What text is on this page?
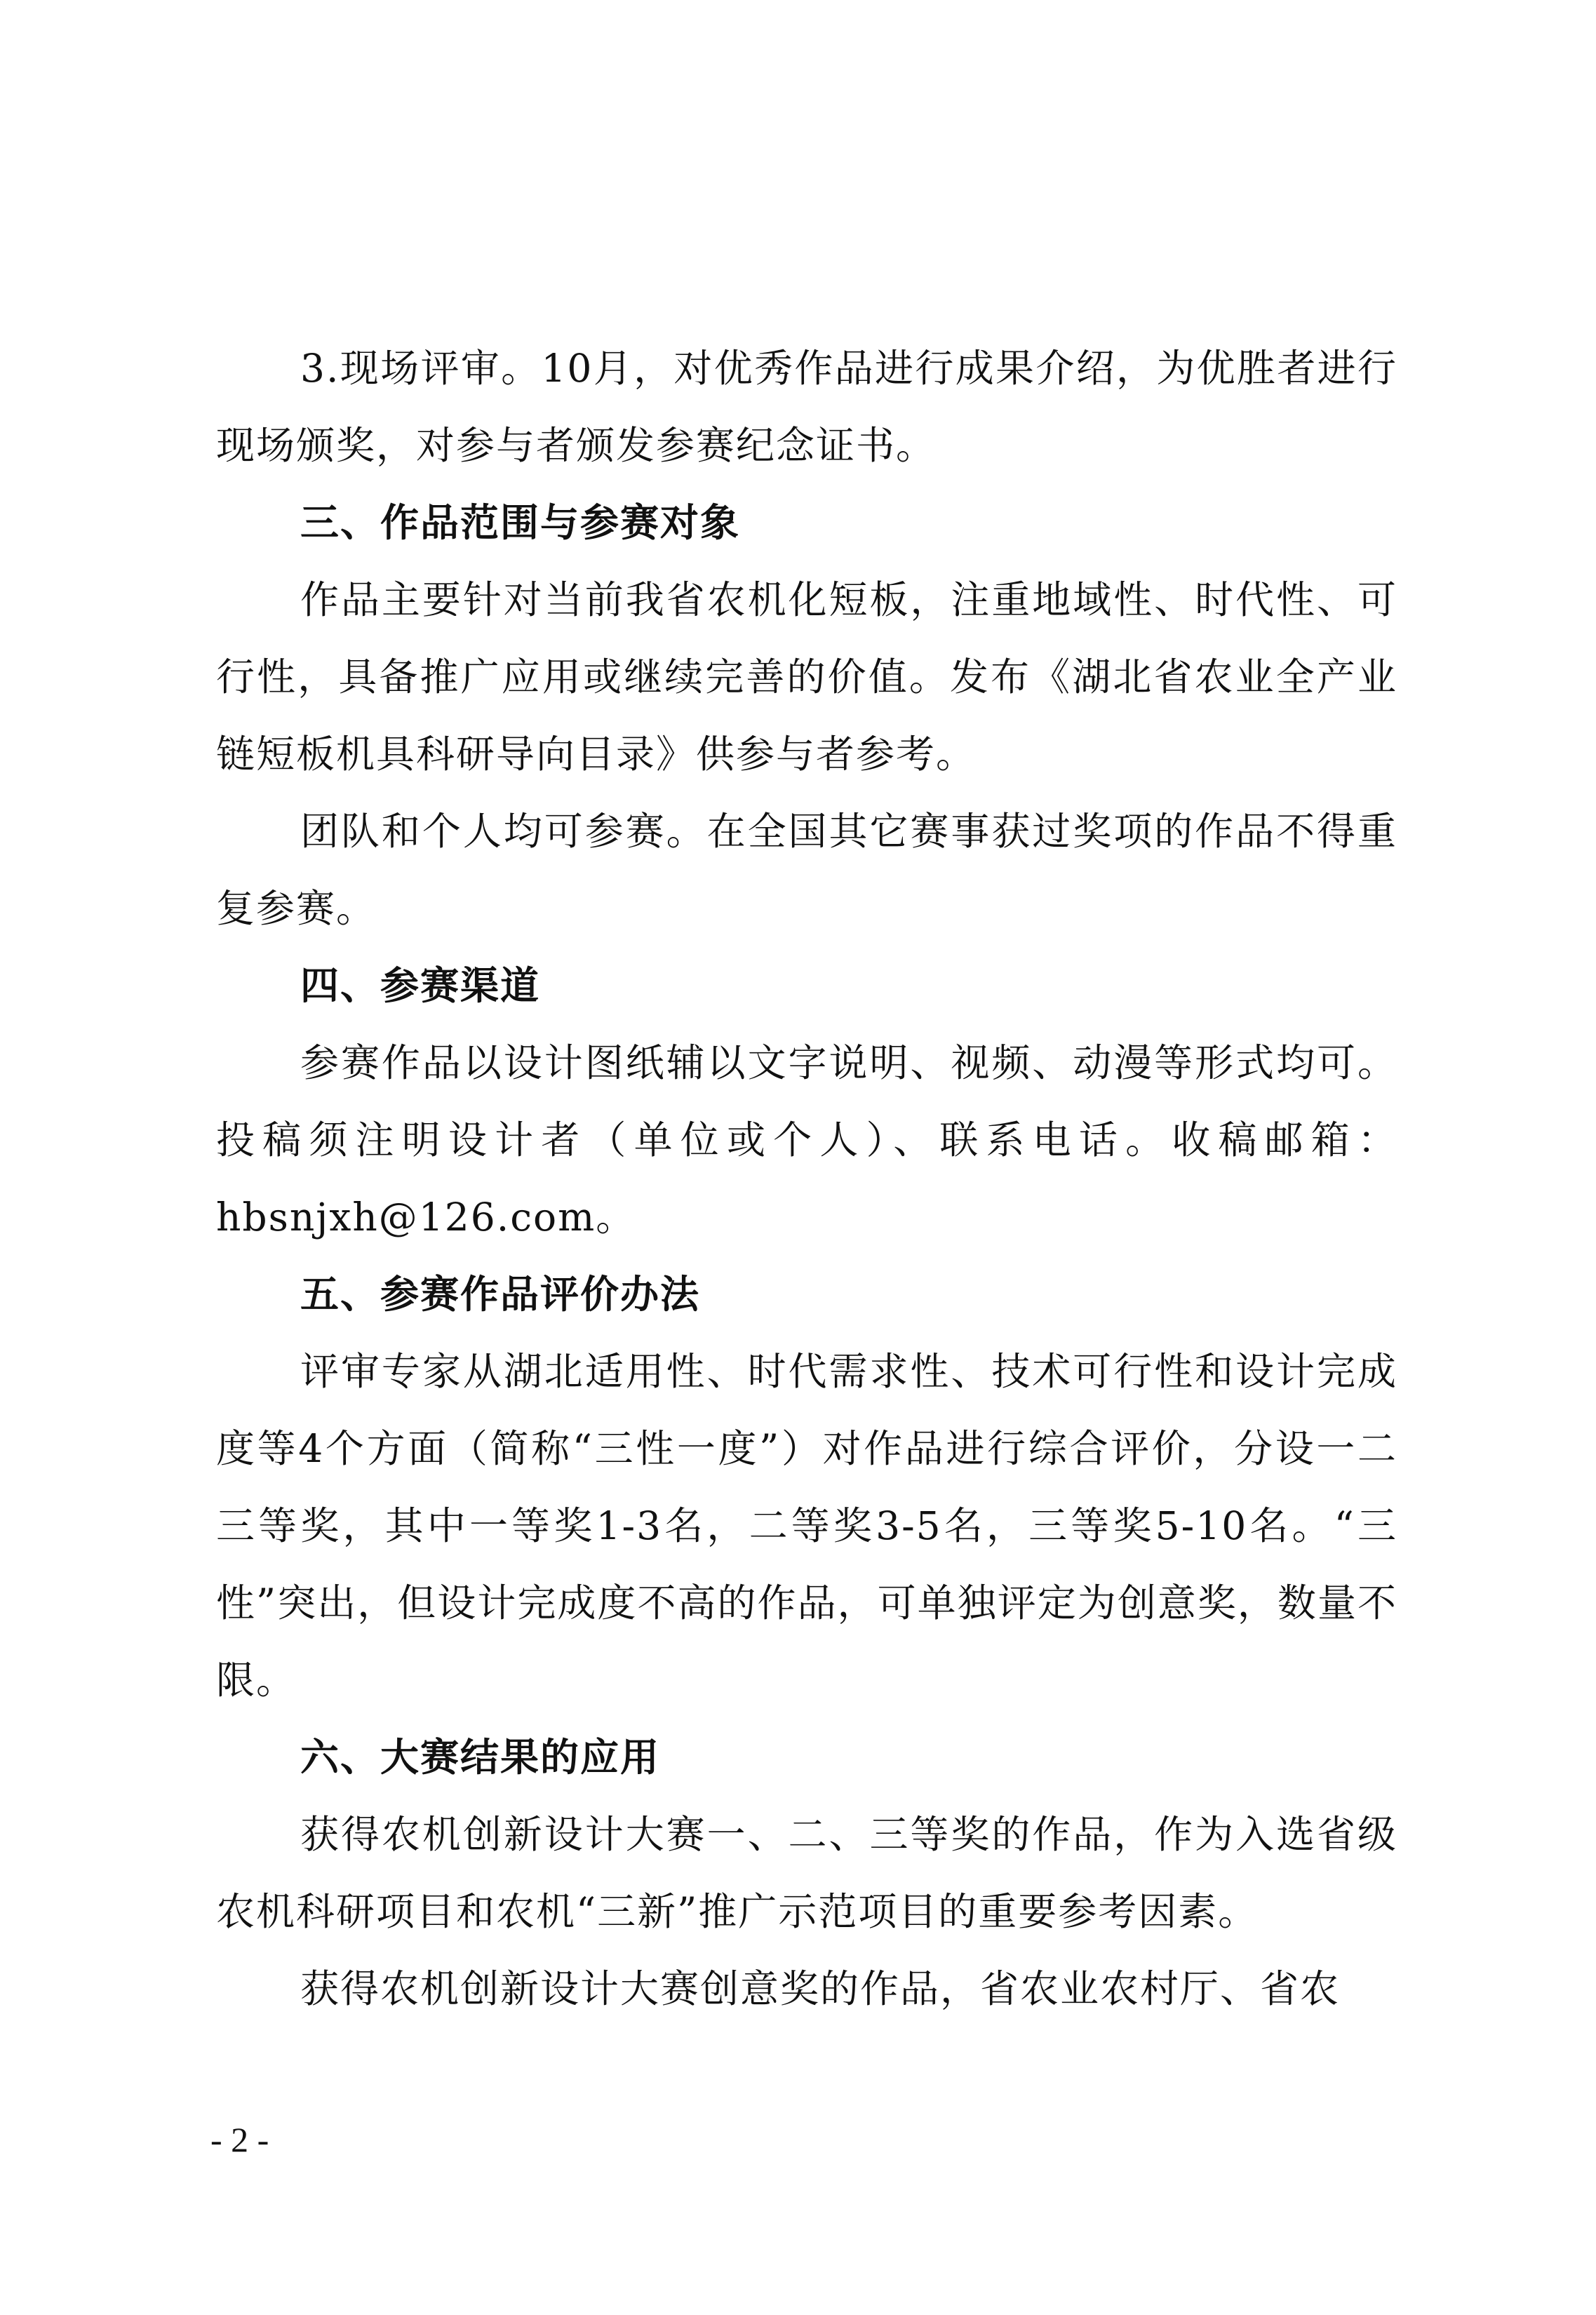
3.现场评审。10月，对优秀作品进行成果介绍，为优胜者进行现场颁奖，对参与者颁发参赛纪念证书。

三、作品范围与参赛对象

作品主要针对当前我省农机化短板，注重地域性、时代性、可行性，具备推广应用或继续完善的价值。发布《湖北省农业全产业链短板机具科研导向目录》供参与者参考。

团队和个人均可参赛。在全国其它赛事获过奖项的作品不得重复参赛。

四、参赛渠道

参赛作品以设计图纸辅以文字说明、视频、动漫等形式均可。投稿须注明设计者（单位或个人）、联系电话。收稿邮箱：hbsnjxh@126.com。

五、参赛作品评价办法

评审专家从湖北适用性、时代需求性、技术可行性和设计完成度等4个方面（简称“三性一度”）对作品进行综合评价，分设一二三等奖，其中一等奖1-3名，二等奖3-5名，三等奖5-10名。“三性”突出，但设计完成度不高的作品，可单独评定为创意奖，数量不限。

六、大赛结果的应用

获得农机创新设计大赛一、二、三等奖的作品，作为入选省级农机科研项目和农机“三新”推广示范项目的重要参考因素。

获得农机创新设计大赛创意奖的作品，省农业农村厅、省农

- 2 -
